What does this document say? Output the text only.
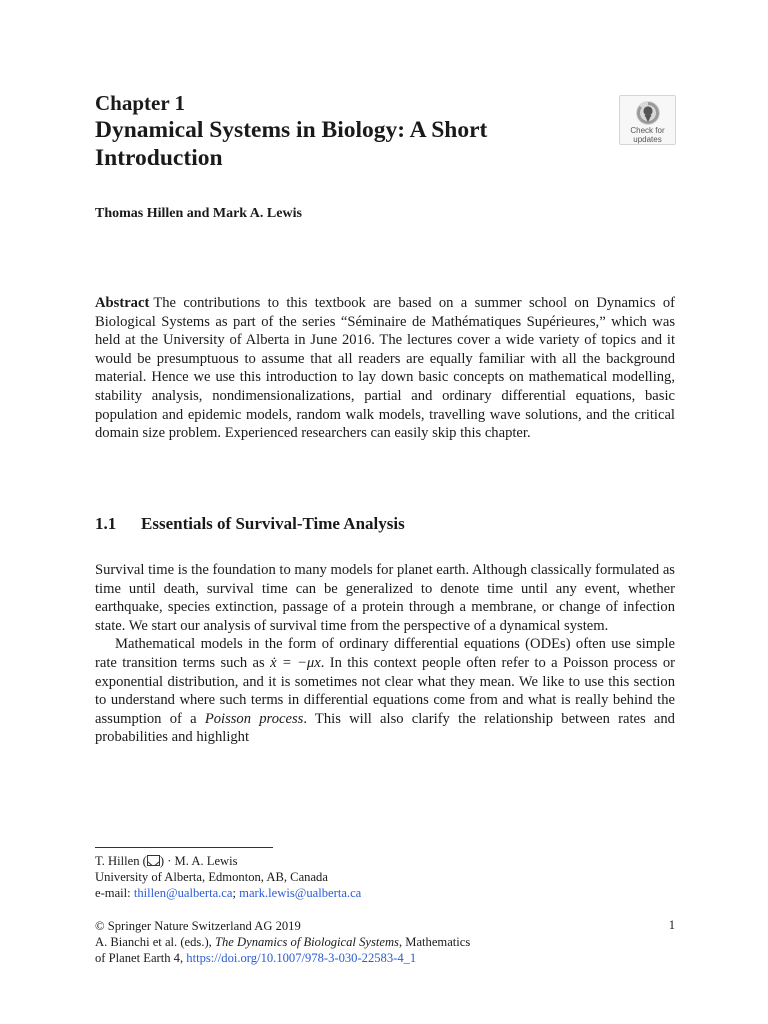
Chapter 1
Dynamical Systems in Biology: A Short
Introduction
Check for
updates
Thomas Hillen and Mark A. Lewis

Abstract The contributions to this textbook are based on a summer school on Dynamics of Biological Systems as part of the series “Séminaire de Mathématiques Supérieures,” which was held at the University of Alberta in June 2016. The lectures cover a wide variety of topics and it would be presumptuous to assume that all readers are equally familiar with all the background material. Hence we use this introduction to lay down basic concepts on mathematical modelling, stability analysis, nondimensionalizations, partial and ordinary differential equations, basic population and epidemic models, random walk models, travelling wave solutions, and the critical domain size problem. Experienced researchers can easily skip this chapter.

1.1 Essentials of Survival-Time Analysis

Survival time is the foundation to many models for planet earth. Although classically formulated as time until death, survival time can be generalized to denote time until any event, whether earthquake, species extinction, passage of a protein through a membrane, or change of infection state. We start our analysis of survival time from the perspective of a dynamical system.

Mathematical models in the form of ordinary differential equations (ODEs) often use simple rate transition terms such as ẋ = −μx. In this context people often refer to a Poisson process or exponential distribution, and it is sometimes not clear what they mean. We like to use this section to understand where such terms in differential equations come from and what is really behind the assumption of a Poisson process. This will also clarify the relationship between rates and probabilities and highlight

T. Hillen ( ) · M. A. Lewis
University of Alberta, Edmonton, AB, Canada
e-mail: thillen@ualberta.ca; mark.lewis@ualberta.ca
© Springer Nature Switzerland AG 2019
A. Bianchi et al. (eds.), The Dynamics of Biological Systems, Mathematics
of Planet Earth 4, https://doi.org/10.1007/978-3-030-22583-4_1
1
